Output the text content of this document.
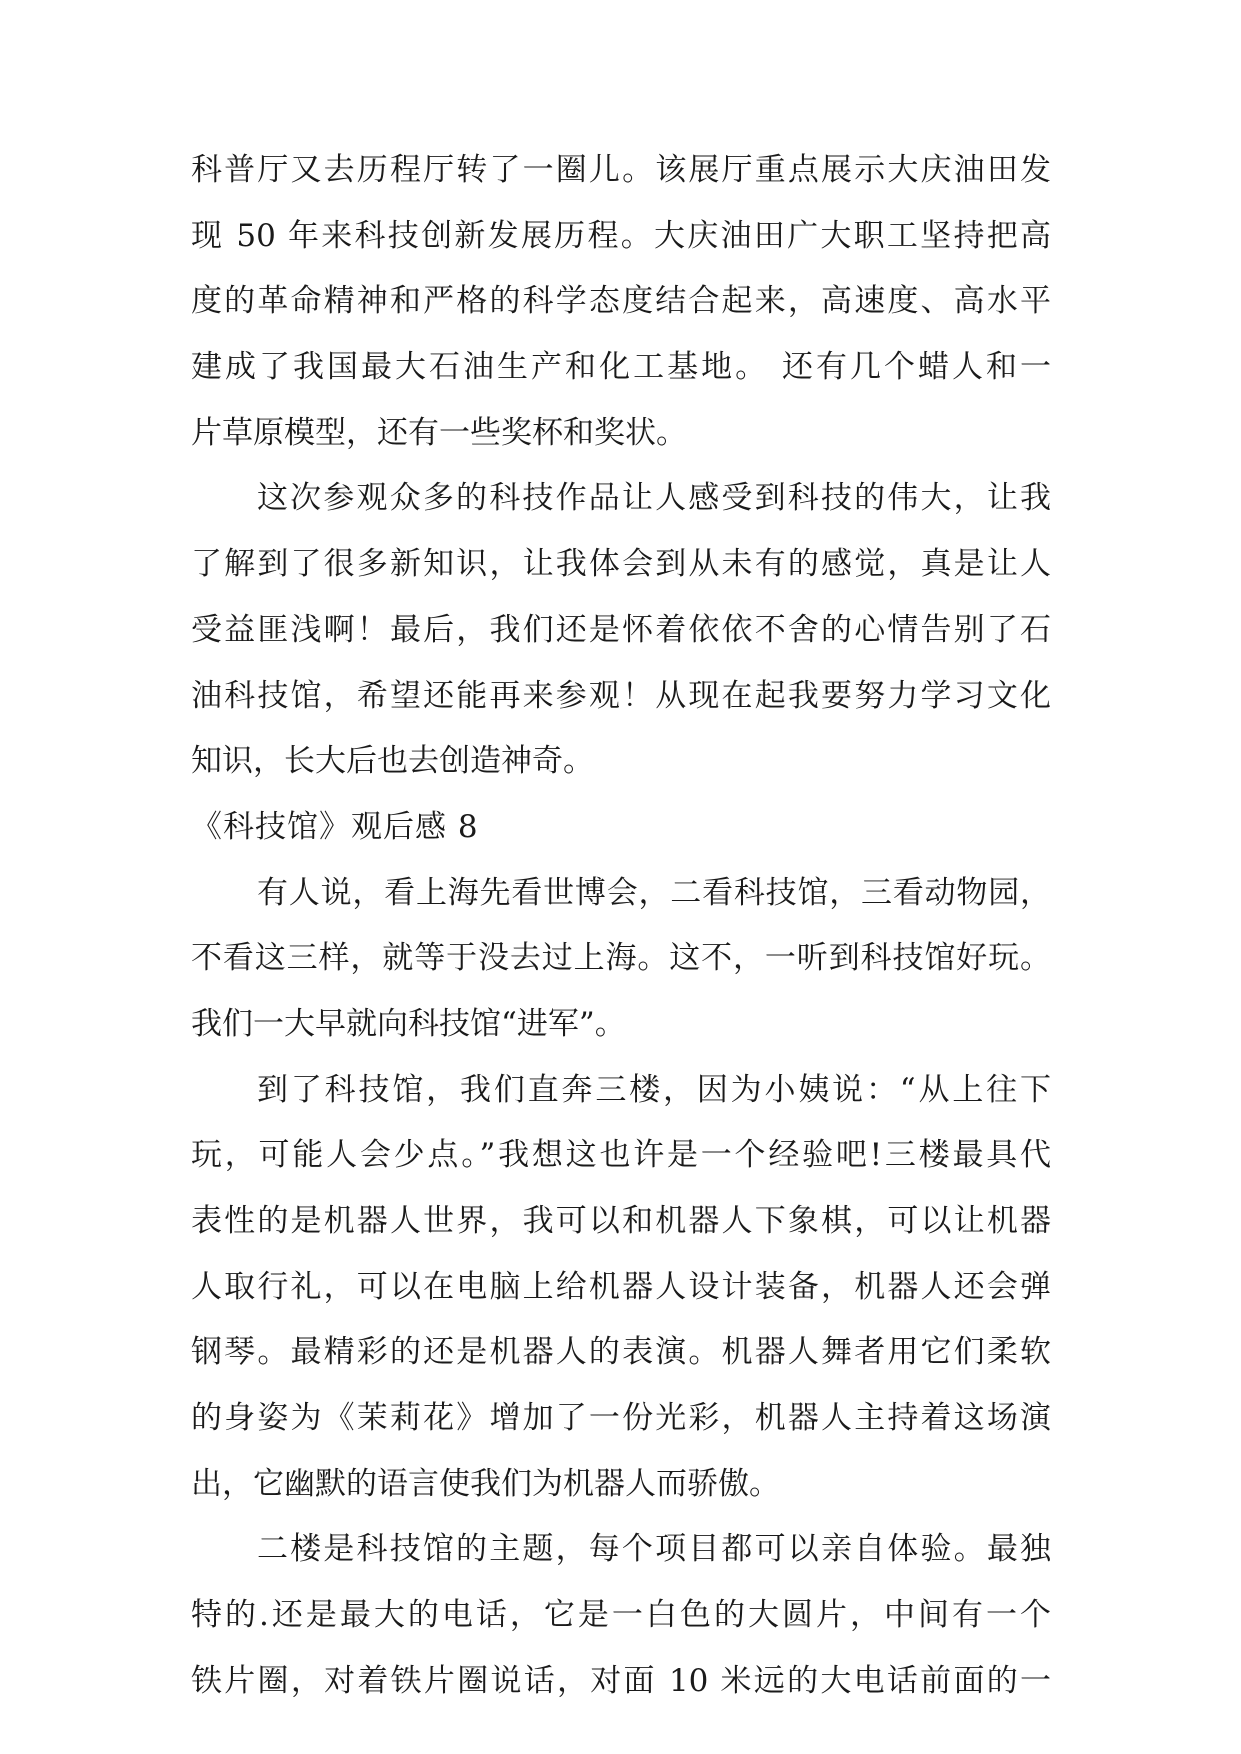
科普厅又去历程厅转了一圈儿。该展厅重点展示大庆油田发
现 50 年来科技创新发展历程。大庆油田广大职工坚持把高
度的革命精神和严格的科学态度结合起来，高速度、高水平
建成了我国最大石油生产和化工基地。 还有几个蜡人和一
片草原模型，还有一些奖杯和奖状。
这次参观众多的科技作品让人感受到科技的伟大，让我
了解到了很多新知识，让我体会到从未有的感觉，真是让人
受益匪浅啊！最后，我们还是怀着依依不舍的心情告别了石
油科技馆，希望还能再来参观！从现在起我要努力学习文化
知识，长大后也去创造神奇。
《科技馆》观后感 8
有人说，看上海先看世博会，二看科技馆，三看动物园，
不看这三样，就等于没去过上海。这不，一听到科技馆好玩。
我们一大早就向科技馆“进军”。
到了科技馆，我们直奔三楼，因为小姨说：“从上往下
玩，可能人会少点。”我想这也许是一个经验吧!三楼最具代
表性的是机器人世界，我可以和机器人下象棋，可以让机器
人取行礼，可以在电脑上给机器人设计装备，机器人还会弹
钢琴。最精彩的还是机器人的表演。机器人舞者用它们柔软
的身姿为《茉莉花》增加了一份光彩，机器人主持着这场演
出，它幽默的语言使我们为机器人而骄傲。
二楼是科技馆的主题，每个项目都可以亲自体验。最独
特的.还是最大的电话，它是一白色的大圆片，中间有一个
铁片圈，对着铁片圈说话，对面 10 米远的大电话前面的一
